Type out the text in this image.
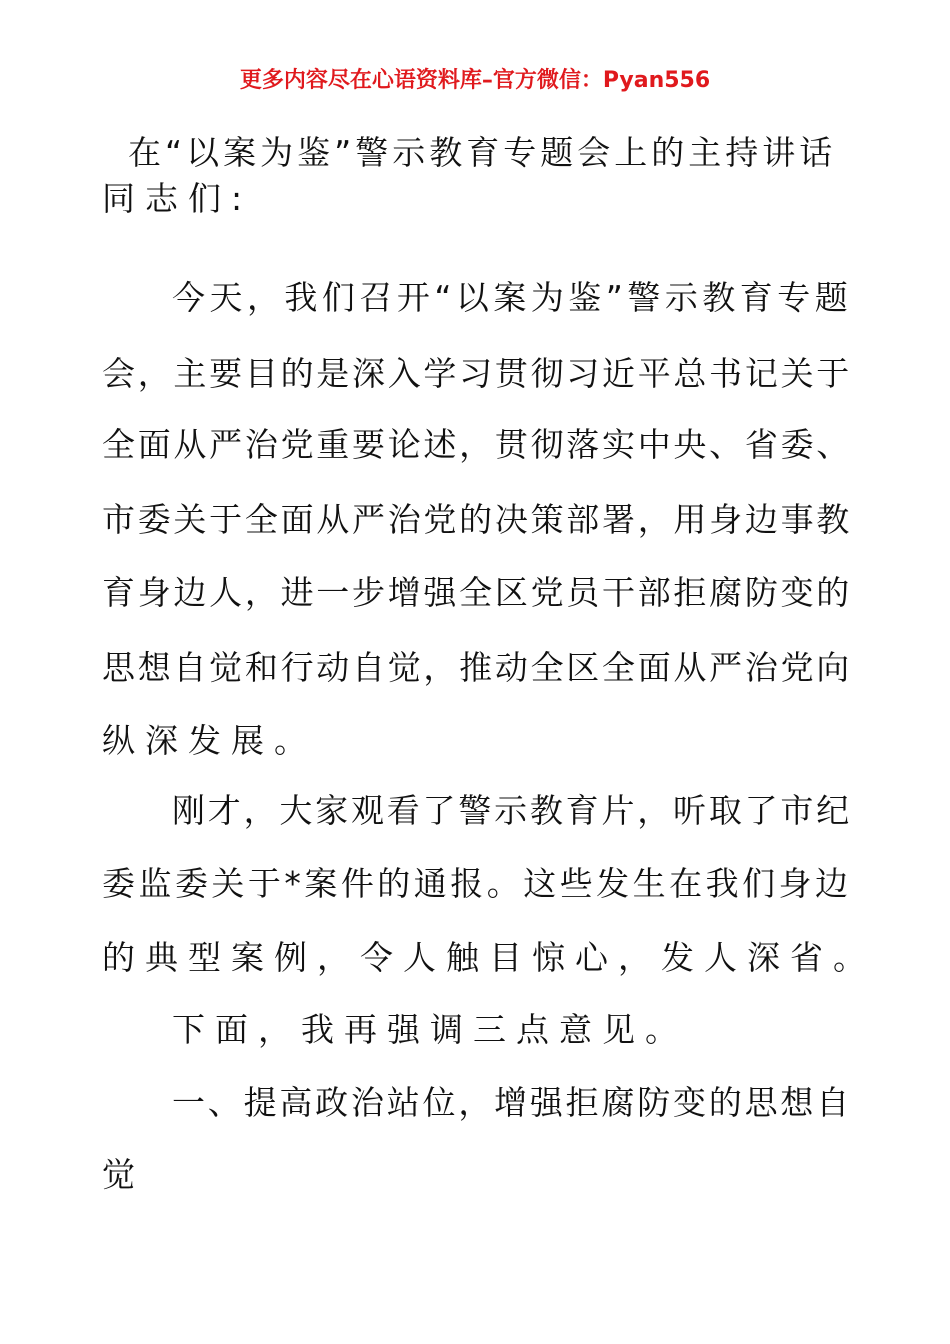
更多内容尽在心语资料库–官方微信：Pyan556
在“以案为鉴”警示教育专题会上的主持讲话
同志们:
今天，我们召开“以案为鉴”警示教育专题
会，主要目的是深入学习贯彻习近平总书记关于
全面从严治党重要论述，贯彻落实中央、省委、
市委关于全面从严治党的决策部署，用身边事教
育身边人，进一步增强全区党员干部拒腐防变的
思想自觉和行动自觉，推动全区全面从严治党向
纵深发展。
刚才，大家观看了警示教育片，听取了市纪
委监委关于*案件的通报。这些发生在我们身边
的典型案例，令人触目惊心，发人深省。
下面，我再强调三点意见。
一、提高政治站位，增强拒腐防变的思想自
觉
